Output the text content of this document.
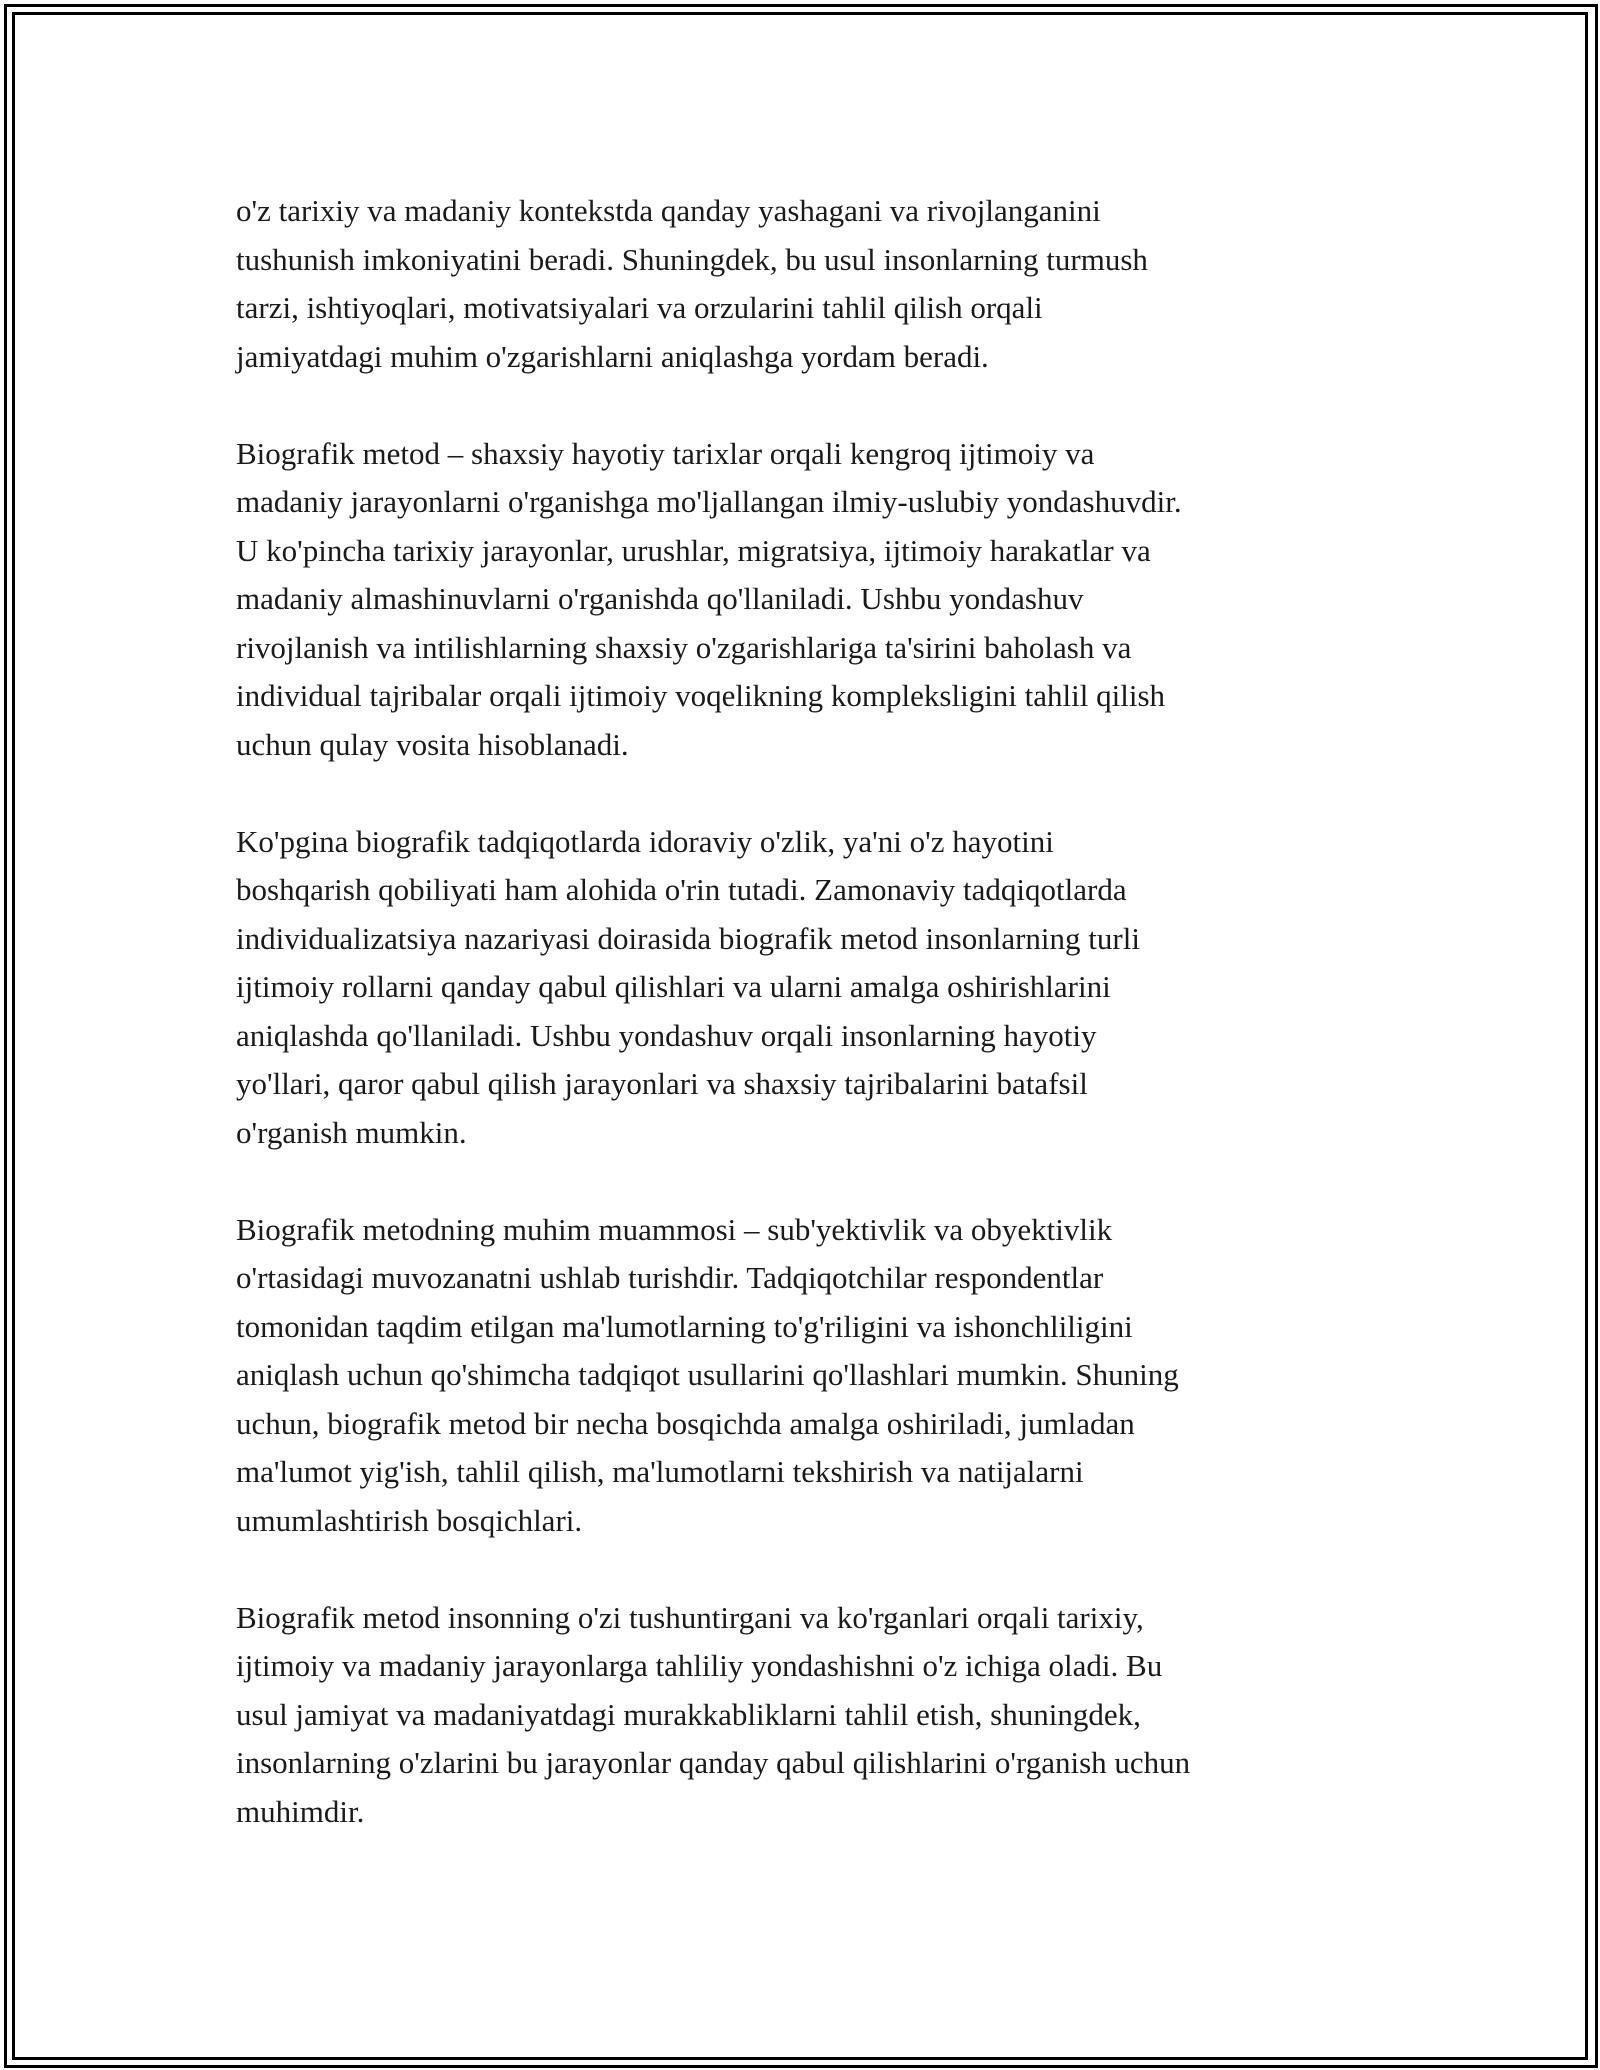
o'z tarixiy va madaniy kontekstda qanday yashagani va rivojlanganini
tushunish imkoniyatini beradi. Shuningdek, bu usul insonlarning turmush
tarzi, ishtiyoqlari, motivatsiyalari va orzularini tahlil qilish orqali
jamiyatdagi muhim o'zgarishlarni aniqlashga yordam beradi.

Biografik metod – shaxsiy hayotiy tarixlar orqali kengroq ijtimoiy va
madaniy jarayonlarni o'rganishga mo'ljallangan ilmiy-uslubiy yondashuvdir.
U ko'pincha tarixiy jarayonlar, urushlar, migratsiya, ijtimoiy harakatlar va
madaniy almashinuvlarni o'rganishda qo'llaniladi. Ushbu yondashuv
rivojlanish va intilishlarning shaxsiy o'zgarishlariga ta'sirini baholash va
individual tajribalar orqali ijtimoiy voqelikning kompleksligini tahlil qilish
uchun qulay vosita hisoblanadi.

Ko'pgina biografik tadqiqotlarda idoraviy o'zlik, ya'ni o'z hayotini
boshqarish qobiliyati ham alohida o'rin tutadi. Zamonaviy tadqiqotlarda
individualizatsiya nazariyasi doirasida biografik metod insonlarning turli
ijtimoiy rollarni qanday qabul qilishlari va ularni amalga oshirishlarini
aniqlashda qo'llaniladi. Ushbu yondashuv orqali insonlarning hayotiy
yo'llari, qaror qabul qilish jarayonlari va shaxsiy tajribalarini batafsil
o'rganish mumkin.

Biografik metodning muhim muammosi – sub'yektivlik va obyektivlik
o'rtasidagi muvozanatni ushlab turishdir. Tadqiqotchilar respondentlar
tomonidan taqdim etilgan ma'lumotlarning to'g'riligini va ishonchliligini
aniqlash uchun qo'shimcha tadqiqot usullarini qo'llashlari mumkin. Shuning
uchun, biografik metod bir necha bosqichda amalga oshiriladi, jumladan
ma'lumot yig'ish, tahlil qilish, ma'lumotlarni tekshirish va natijalarni
umumlashtirish bosqichlari.

Biografik metod insonning o'zi tushuntirgani va ko'rganlari orqali tarixiy,
ijtimoiy va madaniy jarayonlarga tahliliy yondashishni o'z ichiga oladi. Bu
usul jamiyat va madaniyatdagi murakkabliklarni tahlil etish, shuningdek,
insonlarning o'zlarini bu jarayonlar qanday qabul qilishlarini o'rganish uchun
muhimdir.
